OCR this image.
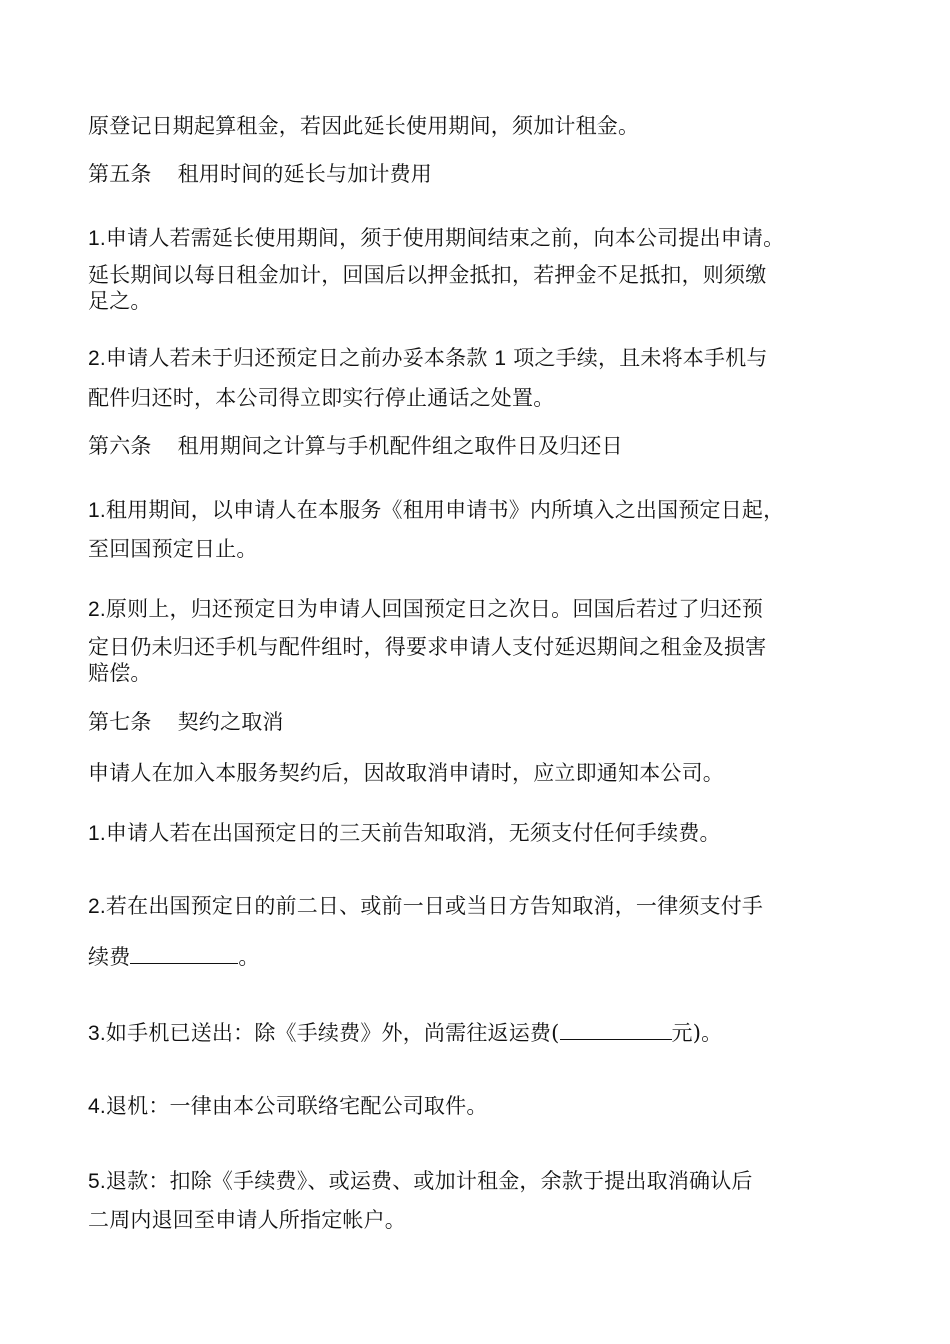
原登记日期起算租金，若因此延长使用期间，须加计租金。
第五条 租用时间的延长与加计费用
1.申请人若需延长使用期间，须于使用期间结束之前，向本公司提出申请。
延长期间以每日租金加计，回国后以押金抵扣，若押金不足抵扣，则须缴
足之。
2.申请人若未于归还预定日之前办妥本条款 1 项之手续，且未将本手机与
配件归还时，本公司得立即实行停止通话之处置。
第六条 租用期间之计算与手机配件组之取件日及归还日
1.租用期间，以申请人在本服务《租用申请书》内所填入之出国预定日起，
至回国预定日止。
2.原则上，归还预定日为申请人回国预定日之次日。回国后若过了归还预
定日仍未归还手机与配件组时，得要求申请人支付延迟期间之租金及损害
赔偿。
第七条 契约之取消
申请人在加入本服务契约后，因故取消申请时，应立即通知本公司。
1.申请人若在出国预定日的三天前告知取消，无须支付任何手续费。
2.若在出国预定日的前二日、或前一日或当日方告知取消，一律须支付手
续费	。
3.如手机已送出：除《手续费》外，尚需往返运费(	元)。
4.退机：一律由本公司联络宅配公司取件。
5.退款：扣除《手续费》、或运费、或加计租金，余款于提出取消确认后
二周内退回至申请人所指定帐户。
